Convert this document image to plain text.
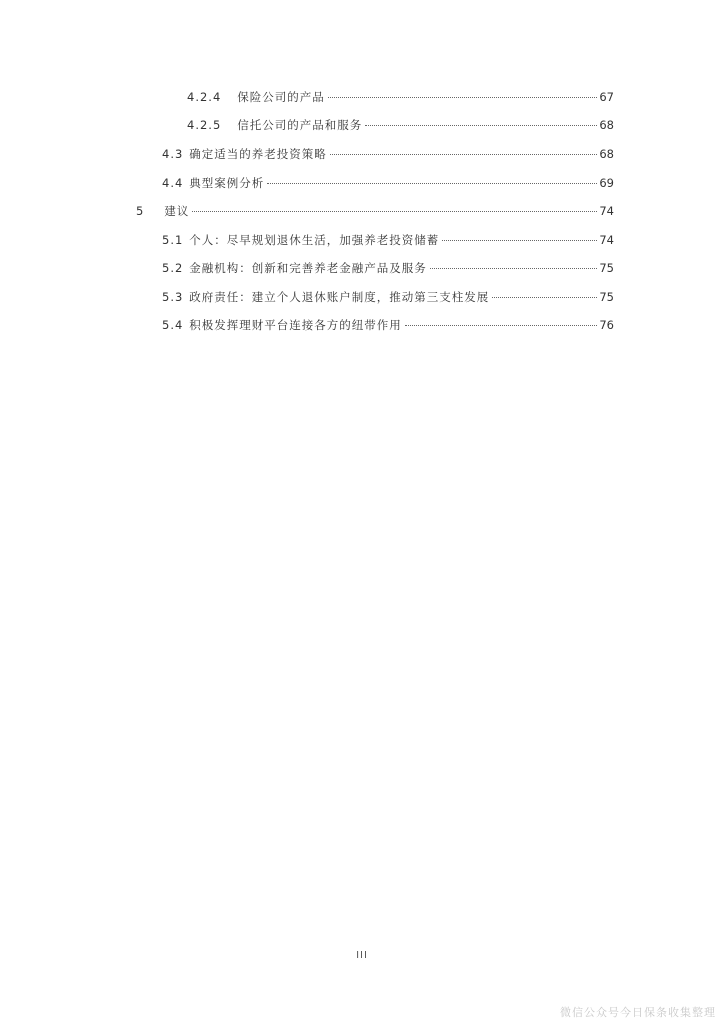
4.2.4 保险公司的产品	67
4.2.5 信托公司的产品和服务	68
4.3 确定适当的养老投资策略	68
4.4 典型案例分析	69
5 建议	74
5.1 个人：尽早规划退休生活，加强养老投资储蓄	74
5.2 金融机构：创新和完善养老金融产品及服务	75
5.3 政府责任：建立个人退休账户制度，推动第三支柱发展	75
5.4 积极发挥理财平台连接各方的纽带作用	76
III
微信公众号今日保条收集整理
